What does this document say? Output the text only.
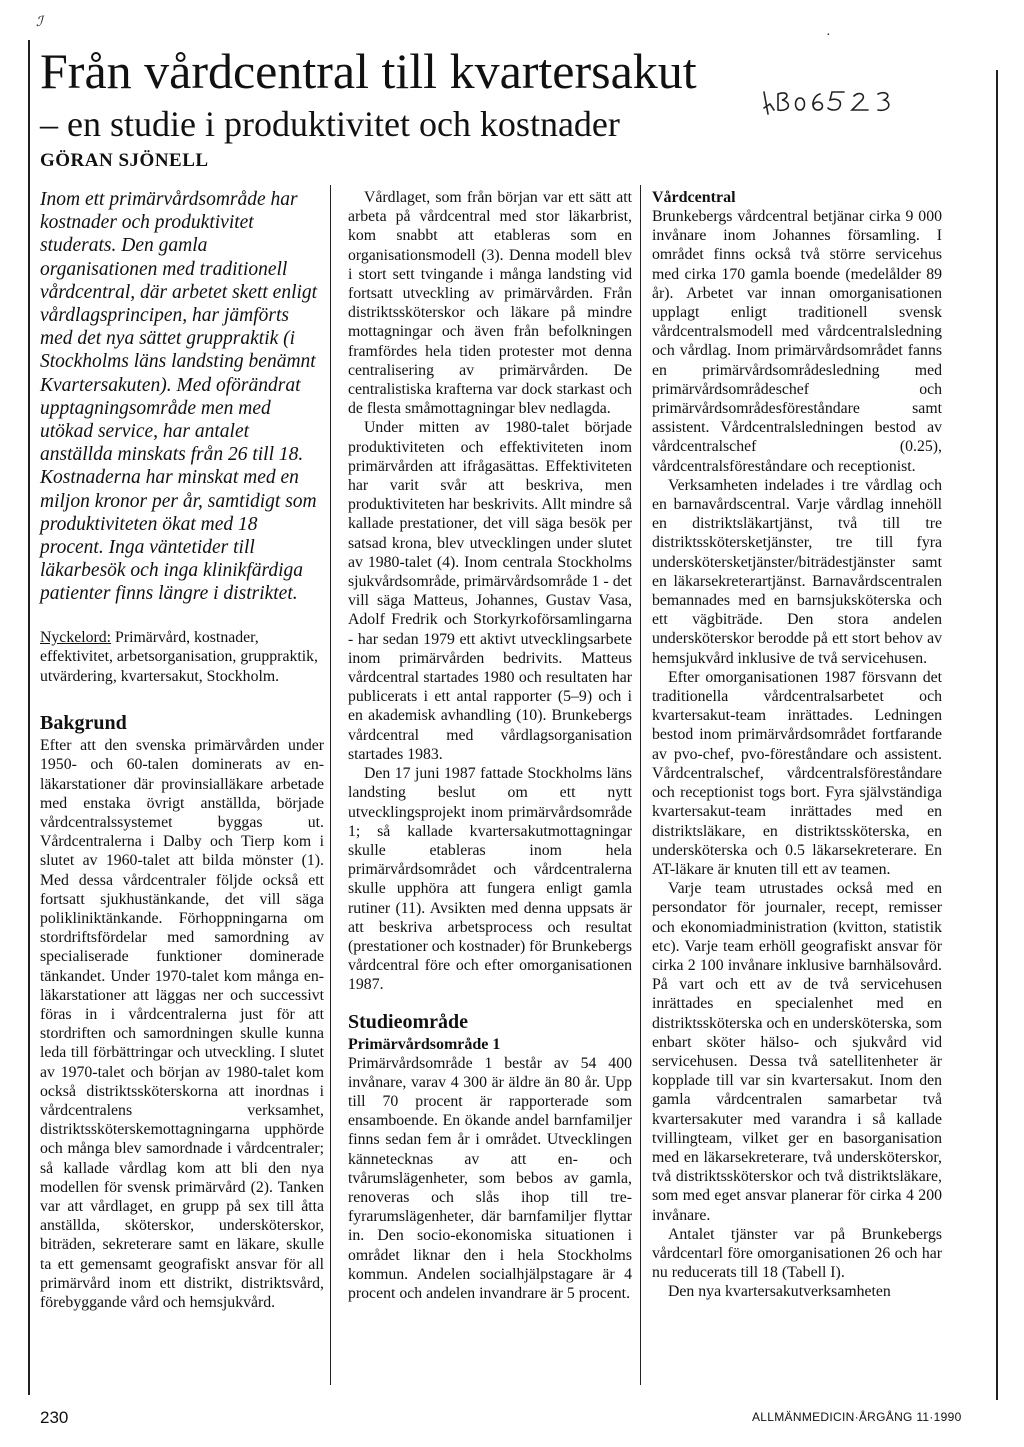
ℐ
·
Från vårdcentral till kvartersakut
– en studie i produktivitet och kostnader
GÖRAN SJÖNELL

Inom ett primärvårdsområde har kostnader och produktivitet studerats. Den gamla organisationen med traditionell vårdcentral, där arbetet skett enligt vårdlagsprincipen, har jämförts med det nya sättet gruppraktik (i Stockholms läns landsting benämnt Kvartersakuten). Med oförändrat upptagningsområde men med utökad service, har antalet anställda minskats från 26 till 18. Kostnaderna har minskat med en miljon kronor per år, samtidigt som produktiviteten ökat med 18 procent. Inga väntetider till läkarbesök och inga klinikfärdiga patienter finns längre i distriktet.

Nyckelord: Primärvård, kostnader, effektivitet, arbetsorganisation, gruppraktik, utvärdering, kvartersakut, Stockholm.

Bakgrund

Efter att den svenska primärvården under 1950- och 60-talen dominerats av en-läkarstationer där provinsialläkare arbetade med enstaka övrigt anställda, började vårdcentralssystemet byggas ut. Vårdcentralerna i Dalby och Tierp kom i slutet av 1960-talet att bilda mönster (1). Med dessa vårdcentraler följde också ett fortsatt sjukhustänkande, det vill säga polikliniktänkande. Förhoppningarna om stordriftsfördelar med samordning av specialiserade funktioner dominerade tänkandet. Under 1970-talet kom många en-läkarstationer att läggas ner och successivt föras in i vårdcentralerna just för att stordriften och samordningen skulle kunna leda till förbättringar och utveckling. I slutet av 1970-talet och början av 1980-talet kom också distriktssköterskorna att inordnas i vårdcentralens verksamhet, distriktssköterskemottagningarna upphörde och många blev samordnade i vårdcentraler; så kallade vårdlag kom att bli den nya modellen för svensk primärvård (2). Tanken var att vårdlaget, en grupp på sex till åtta anställda, sköterskor, undersköterskor, biträden, sekreterare samt en läkare, skulle ta ett gemensamt geografiskt ansvar för all primärvård inom ett distrikt, distriktsvård, förebyggande vård och hemsjukvård.

Vårdlaget, som från början var ett sätt att arbeta på vårdcentral med stor läkarbrist, kom snabbt att etableras som en organisationsmodell (3). Denna modell blev i stort sett tvingande i många landsting vid fortsatt utveckling av primärvården. Från distriktssköterskor och läkare på mindre mottagningar och även från befolkningen framfördes hela tiden protester mot denna centralisering av primärvården. De centralistiska krafterna var dock starkast och de flesta småmottagningar blev nedlagda.

Under mitten av 1980-talet började produktiviteten och effektiviteten inom primärvården att ifrågasättas. Effektiviteten har varit svår att beskriva, men produktiviteten har beskrivits. Allt mindre så kallade prestationer, det vill säga besök per satsad krona, blev utvecklingen under slutet av 1980-talet (4). Inom centrala Stockholms sjukvårdsområde, primärvårdsområde 1 - det vill säga Matteus, Johannes, Gustav Vasa, Adolf Fredrik och Storkyrkoförsamlingarna - har sedan 1979 ett aktivt utvecklingsarbete inom primärvården bedrivits. Matteus vårdcentral startades 1980 och resultaten har publicerats i ett antal rapporter (5–9) och i en akademisk avhandling (10). Brunkebergs vårdcentral med vårdlagsorganisation startades 1983.

Den 17 juni 1987 fattade Stockholms läns landsting beslut om ett nytt utvecklingsprojekt inom primärvårdsområde 1; så kallade kvartersakutmottagningar skulle etableras inom hela primärvårdsområdet och vårdcentralerna skulle upphöra att fungera enligt gamla rutiner (11). Avsikten med denna uppsats är att beskriva arbetsprocess och resultat (prestationer och kostnader) för Brunkebergs vårdcentral före och efter omorganisationen 1987.

Studieområde
Primärvårdsområde 1

Primärvårdsområde 1 består av 54 400 invånare, varav 4 300 är äldre än 80 år. Upp till 70 procent är rapporterade som ensamboende. En ökande andel barnfamiljer finns sedan fem år i området. Utvecklingen kännetecknas av att en- och tvårumslägenheter, som bebos av gamla, renoveras och slås ihop till tre-fyrarumslägenheter, där barnfamiljer flyttar in. Den socio-ekonomiska situationen i området liknar den i hela Stockholms kommun. Andelen socialhjälpstagare är 4 procent och andelen invandrare är 5 procent.

Vårdcentral

Brunkebergs vårdcentral betjänar cirka 9 000 invånare inom Johannes församling. I området finns också två större servicehus med cirka 170 gamla boende (medelålder 89 år). Arbetet var innan omorganisationen upplagt enligt traditionell svensk vårdcentralsmodell med vårdcentralsledning och vårdlag. Inom primärvårdsområdet fanns en primärvårdsområdesledning med primärvårdsområdeschef och primärvårdsområdesföreståndare samt assistent. Vårdcentralsledningen bestod av vårdcentralschef (0.25), vårdcentralsföreståndare och receptionist.

Verksamheten indelades i tre vårdlag och en barnavårdscentral. Varje vårdlag innehöll en distriktsläkartjänst, två till tre distriktsskötersketjänster, tre till fyra underskötersketjänster/biträdestjänster samt en läkarsekreterartjänst. Barnavårdscentralen bemannades med en barnsjuksköterska och ett vägbiträde. Den stora andelen undersköterskor berodde på ett stort behov av hemsjukvård inklusive de två servicehusen.

Efter omorganisationen 1987 försvann det traditionella vårdcentralsarbetet och kvartersakut-team inrättades. Ledningen bestod inom primärvårdsområdet fortfarande av pvo-chef, pvo-föreståndare och assistent. Vårdcentralschef, vårdcentralsföreståndare och receptionist togs bort. Fyra självständiga kvartersakut-team inrättades med en distriktsläkare, en distriktssköterska, en undersköterska och 0.5 läkarsekreterare. En AT-läkare är knuten till ett av teamen.

Varje team utrustades också med en persondator för journaler, recept, remisser och ekonomiadministration (kvitton, statistik etc). Varje team erhöll geografiskt ansvar för cirka 2 100 invånare inklusive barnhälsovård. På vart och ett av de två servicehusen inrättades en specialenhet med en distriktssköterska och en undersköterska, som enbart sköter hälso- och sjukvård vid servicehusen. Dessa två satellitenheter är kopplade till var sin kvartersakut. Inom den gamla vårdcentralen samarbetar två kvartersakuter med varandra i så kallade tvillingteam, vilket ger en basorganisation med en läkarsekreterare, två undersköterskor, två distriktssköterskor och två distriktsläkare, som med eget ansvar planerar för cirka 4 200 invånare.

Antalet tjänster var på Brunkebergs vårdcentarl före omorganisationen 26 och har nu reducerats till 18 (Tabell I).

Den nya kvartersakutverksamheten

230	ALLMÄNMEDICIN·ÅRGÅNG 11·1990
